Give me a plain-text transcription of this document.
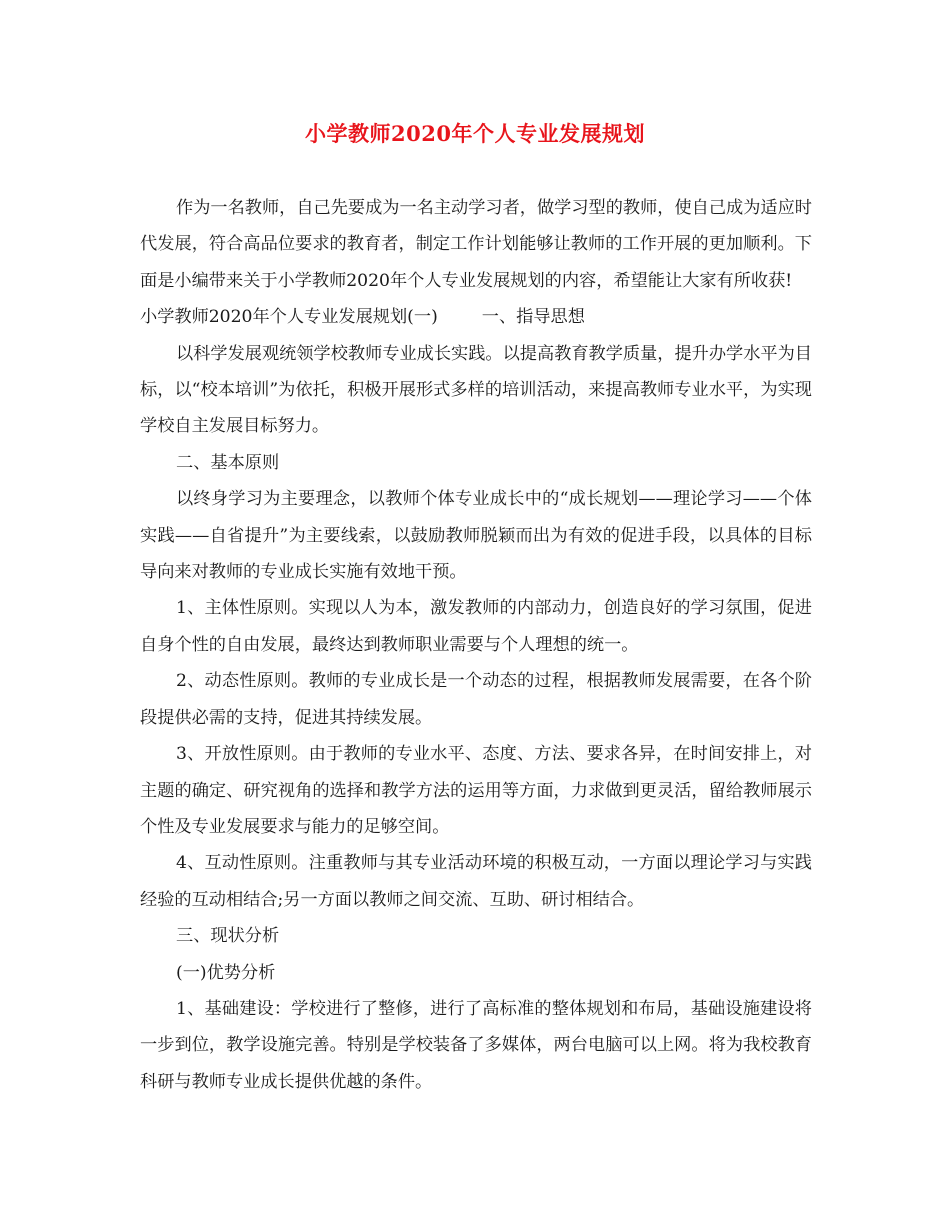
小学教师2020年个人专业发展规划

作为一名教师，自己先要成为一名主动学习者，做学习型的教师，使自己成为适应时代发展，符合高品位要求的教育者，制定工作计划能够让教师的工作开展的更加顺利。下面是小编带来关于小学教师2020年个人专业发展规划的内容，希望能让大家有所收获!

小学教师2020年个人专业发展规划(一)	一、指导思想

以科学发展观统领学校教师专业成长实践。以提高教育教学质量，提升办学水平为目标，以“校本培训”为依托，积极开展形式多样的培训活动，来提高教师专业水平，为实现学校自主发展目标努力。

二、基本原则

以终身学习为主要理念，以教师个体专业成长中的“成长规划——理论学习——个体实践——自省提升”为主要线索，以鼓励教师脱颖而出为有效的促进手段，以具体的目标导向来对教师的专业成长实施有效地干预。

1、主体性原则。实现以人为本，激发教师的内部动力，创造良好的学习氛围，促进自身个性的自由发展，最终达到教师职业需要与个人理想的统一。

2、动态性原则。教师的专业成长是一个动态的过程，根据教师发展需要，在各个阶段提供必需的支持，促进其持续发展。

3、开放性原则。由于教师的专业水平、态度、方法、要求各异，在时间安排上，对主题的确定、研究视角的选择和教学方法的运用等方面，力求做到更灵活，留给教师展示个性及专业发展要求与能力的足够空间。

4、互动性原则。注重教师与其专业活动环境的积极互动，一方面以理论学习与实践经验的互动相结合;另一方面以教师之间交流、互助、研讨相结合。

三、现状分析

(一)优势分析

1、基础建设：学校进行了整修，进行了高标准的整体规划和布局，基础设施建设将一步到位，教学设施完善。特别是学校装备了多媒体，两台电脑可以上网。将为我校教育科研与教师专业成长提供优越的条件。
